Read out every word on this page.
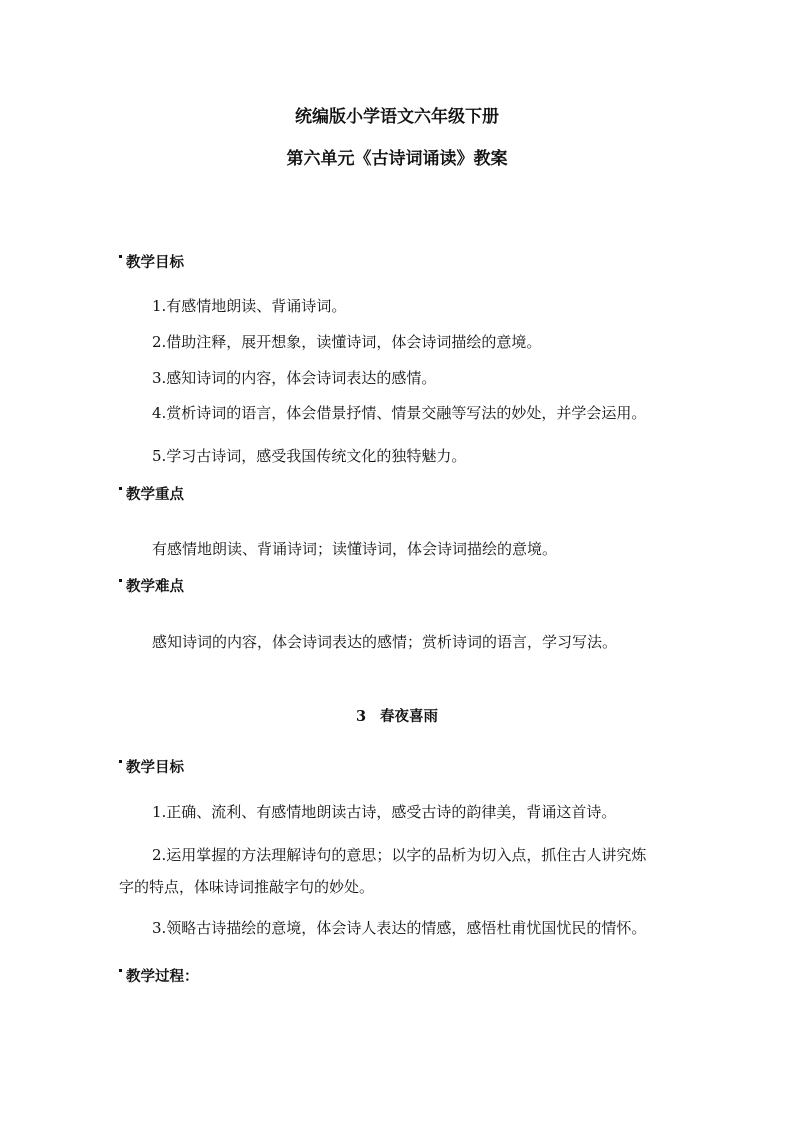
统编版小学语文六年级下册
第六单元《古诗词诵读》教案
教学目标
1.有感情地朗读、背诵诗词。
2.借助注释，展开想象，读懂诗词，体会诗词描绘的意境。
3.感知诗词的内容，体会诗词表达的感情。
4.赏析诗词的语言，体会借景抒情、情景交融等写法的妙处，并学会运用。
5.学习古诗词，感受我国传统文化的独特魅力。
教学重点
有感情地朗读、背诵诗词；读懂诗词，体会诗词描绘的意境。
教学难点
感知诗词的内容，体会诗词表达的感情；赏析诗词的语言，学习写法。
3 春夜喜雨
教学目标
1.正确、流利、有感情地朗读古诗，感受古诗的韵律美，背诵这首诗。
2.运用掌握的方法理解诗句的意思；以字的品析为切入点，抓住古人讲究炼
字的特点，体味诗词推敲字句的妙处。
3.领略古诗描绘的意境，体会诗人表达的情感，感悟杜甫忧国忧民的情怀。
教学过程：
